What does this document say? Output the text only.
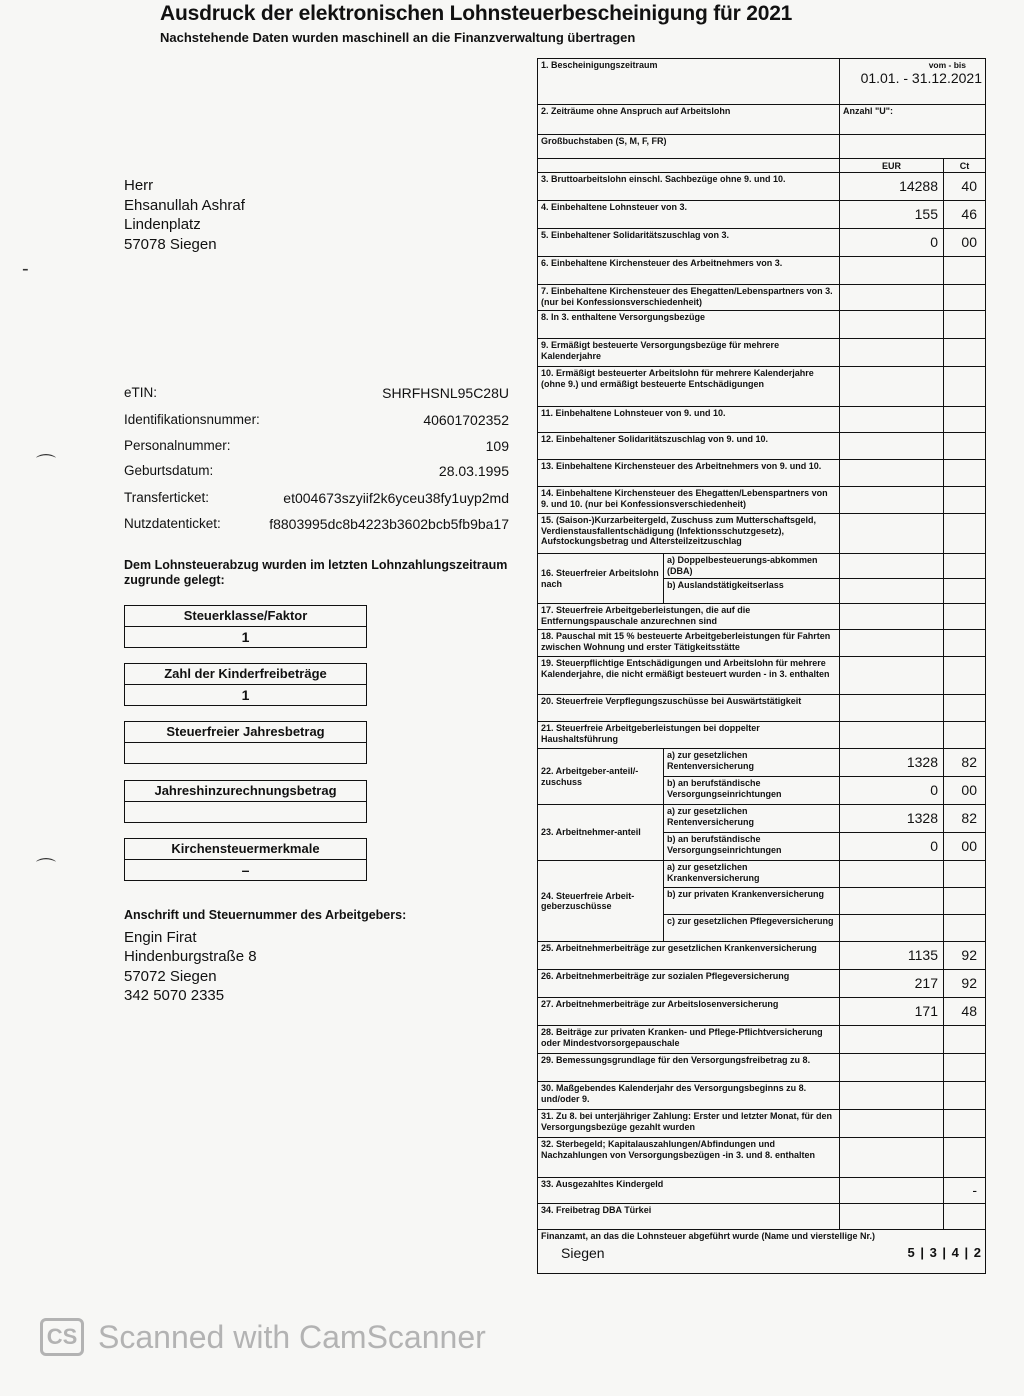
Ausdruck der elektronischen Lohnsteuerbescheinigung für 2021
Nachstehende Daten wurden maschinell an die Finanzverwaltung übertragen
Herr
Ehsanullah Ashraf
Lindenplatz
57078 Siegen
eTIN:	SHRFHSNL95C28U
Identifikationsnummer:	40601702352
Personalnummer:	109
Geburtsdatum:	28.03.1995
Transferticket:	et004673szyiif2k6yceu38fy1uyp2md
Nutzdatenticket:	f8803995dc8b4223b3602bcb5fb9ba17
Dem Lohnsteuerabzug wurden im letzten Lohnzahlungszeitraum zugrunde gelegt:
Steuerklasse/Faktor
1
Zahl der Kinderfreibeträge
1
Steuerfreier Jahresbetrag
Jahreshinzurechnungsbetrag
Kirchensteuermerkmale
–
Anschrift und Steuernummer des Arbeitgebers:
Engin Firat
Hindenburgstraße 8
57072 Siegen
342 5070 2335
-
⌒
⌒
1. Bescheinigungszeitraum		vom - bis
01.01. - 31.12.2021	

2. Zeiträume ohne Anspruch auf Arbeitslohn		Anzahl "U":	
Großbuchstaben (S, M, F, FR)			
		EUR	Ct
3. Bruttoarbeitslohn einschl. Sachbezüge ohne 9. und 10.		14288	40
4. Einbehaltene Lohnsteuer von 3.		155	46
5. Einbehaltener Solidaritätszuschlag von 3.		0	00
6. Einbehaltene Kirchensteuer des Arbeitnehmers von 3.			
7. Einbehaltene Kirchensteuer des Ehegatten/Lebenspartners von 3. (nur bei Konfessionsverschiedenheit)			
8. In 3. enthaltene Versorgungsbezüge			
9. Ermäßigt besteuerte Versorgungsbezüge für mehrere Kalenderjahre			
10. Ermäßigt besteuerter Arbeitslohn für mehrere Kalenderjahre (ohne 9.) und ermäßigt besteuerte Entschädigungen			
11. Einbehaltene Lohnsteuer von 9. und 10.			
12. Einbehaltener Solidaritätszuschlag von 9. und 10.			
13. Einbehaltene Kirchensteuer des Arbeitnehmers von 9. und 10.			
14. Einbehaltene Kirchensteuer des Ehegatten/Lebenspartners von 9. und 10. (nur bei Konfessionsverschiedenheit)			
15. (Saison-)Kurzarbeitergeld, Zuschuss zum Mutterschaftsgeld, Verdienstausfallentschädigung (Infektionsschutzgesetz), Aufstockungsbetrag und Altersteilzeitzuschlag			
16. Steuerfreier Arbeitslohn nach	a) Doppelbesteuerungs-abkommen (DBA)		
	b) Auslandstätigkeitserlass		
17. Steuerfreie Arbeitgeberleistungen, die auf die Entfernungspauschale anzurechnen sind			
18. Pauschal mit 15 % besteuerte Arbeitgeberleistungen für Fahrten zwischen Wohnung und erster Tätigkeitsstätte			
19. Steuerpflichtige Entschädigungen und Arbeitslohn für mehrere Kalenderjahre, die nicht ermäßigt besteuert wurden - in 3. enthalten			
20. Steuerfreie Verpflegungszuschüsse bei Auswärtstätigkeit			
21. Steuerfreie Arbeitgeberleistungen bei doppelter Haushaltsführung			
22. Arbeitgeber-anteil/-zuschuss	a) zur gesetzlichen Rentenversicherung	1328	82
	b) an berufständische Versorgungseinrichtungen	0	00
23. Arbeitnehmer-anteil	a) zur gesetzlichen Rentenversicherung	1328	82
	b) an berufständische Versorgungseinrichtungen	0	00
24. Steuerfreie Arbeit-geberzuschüsse	a) zur gesetzlichen Krankenversicherung		
	b) zur privaten Krankenversicherung		
	c) zur gesetzlichen Pflegeversicherung		
25. Arbeitnehmerbeiträge zur gesetzlichen Krankenversicherung		1135	92
26. Arbeitnehmerbeiträge zur sozialen Pflegeversicherung		217	92
27. Arbeitnehmerbeiträge zur Arbeitslosenversicherung		171	48
28. Beiträge zur privaten Kranken- und Pflege-Pflichtversicherung oder Mindestvorsorgepauschale			
29. Bemessungsgrundlage für den Versorgungsfreibetrag zu 8.			
30. Maßgebendes Kalenderjahr des Versorgungsbeginns zu 8. und/oder 9.			
31. Zu 8. bei unterjähriger Zahlung: Erster und letzter Monat, für den Versorgungsbezüge gezahlt wurden			
32. Sterbegeld; Kapitalauszahlungen/Abfindungen und Nachzahlungen von Versorgungsbezügen -in 3. und 8. enthalten			
33. Ausgezahltes Kindergeld			-
34. Freibetrag DBA Türkei			

Finanzamt, an das die Lohnsteuer abgeführt wurde (Name und vierstellige Nr.)
Siegen 5 | 3 | 4 | 2			
CS Scanned with CamScanner
